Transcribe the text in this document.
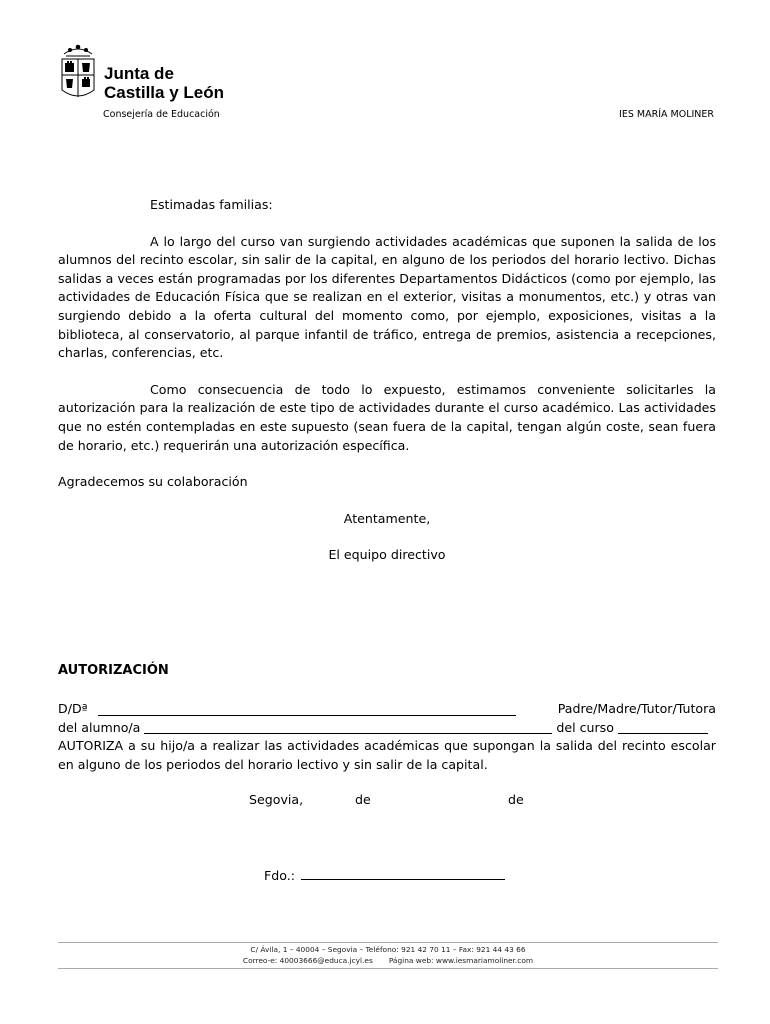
Junta de
Castilla y León
Consejería de Educación	IES MARÍA MOLINER
Estimadas familias:
A lo largo del curso van surgiendo actividades académicas que suponen la salida de los alumnos del recinto escolar, sin salir de la capital, en alguno de los periodos del horario lectivo. Dichas salidas a veces están programadas por los diferentes Departamentos Didácticos (como por ejemplo, las actividades de Educación Física que se realizan en el exterior, visitas a monumentos, etc.) y otras van surgiendo debido a la oferta cultural del momento como, por ejemplo, exposiciones, visitas a la biblioteca, al conservatorio, al parque infantil de tráfico, entrega de premios, asistencia a recepciones, charlas, conferencias, etc.
Como consecuencia de todo lo expuesto, estimamos conveniente solicitarles la autorización para la realización de este tipo de actividades durante el curso académico. Las actividades que no estén contempladas en este supuesto (sean fuera de la capital, tengan algún coste, sean fuera de horario, etc.) requerirán una autorización específica.
Agradecemos su colaboración
Atentamente,
El equipo directivo
AUTORIZACIÓN
D/Dª	Padre/Madre/Tutor/Tutora
del alumno/a	del curso
AUTORIZA a su hijo/a a realizar las actividades académicas que supongan la salida del recinto escolar en alguno de los periodos del horario lectivo y sin salir de la capital.
Segovia,	de	de
Fdo.:
C/ Ávila, 1 – 40004 – Segovia – Teléfono: 921 42 70 11 – Fax: 921 44 43 66
Correo-e: 40003666@educa.jcyl.es Página web: www.iesmariamoliner.com
